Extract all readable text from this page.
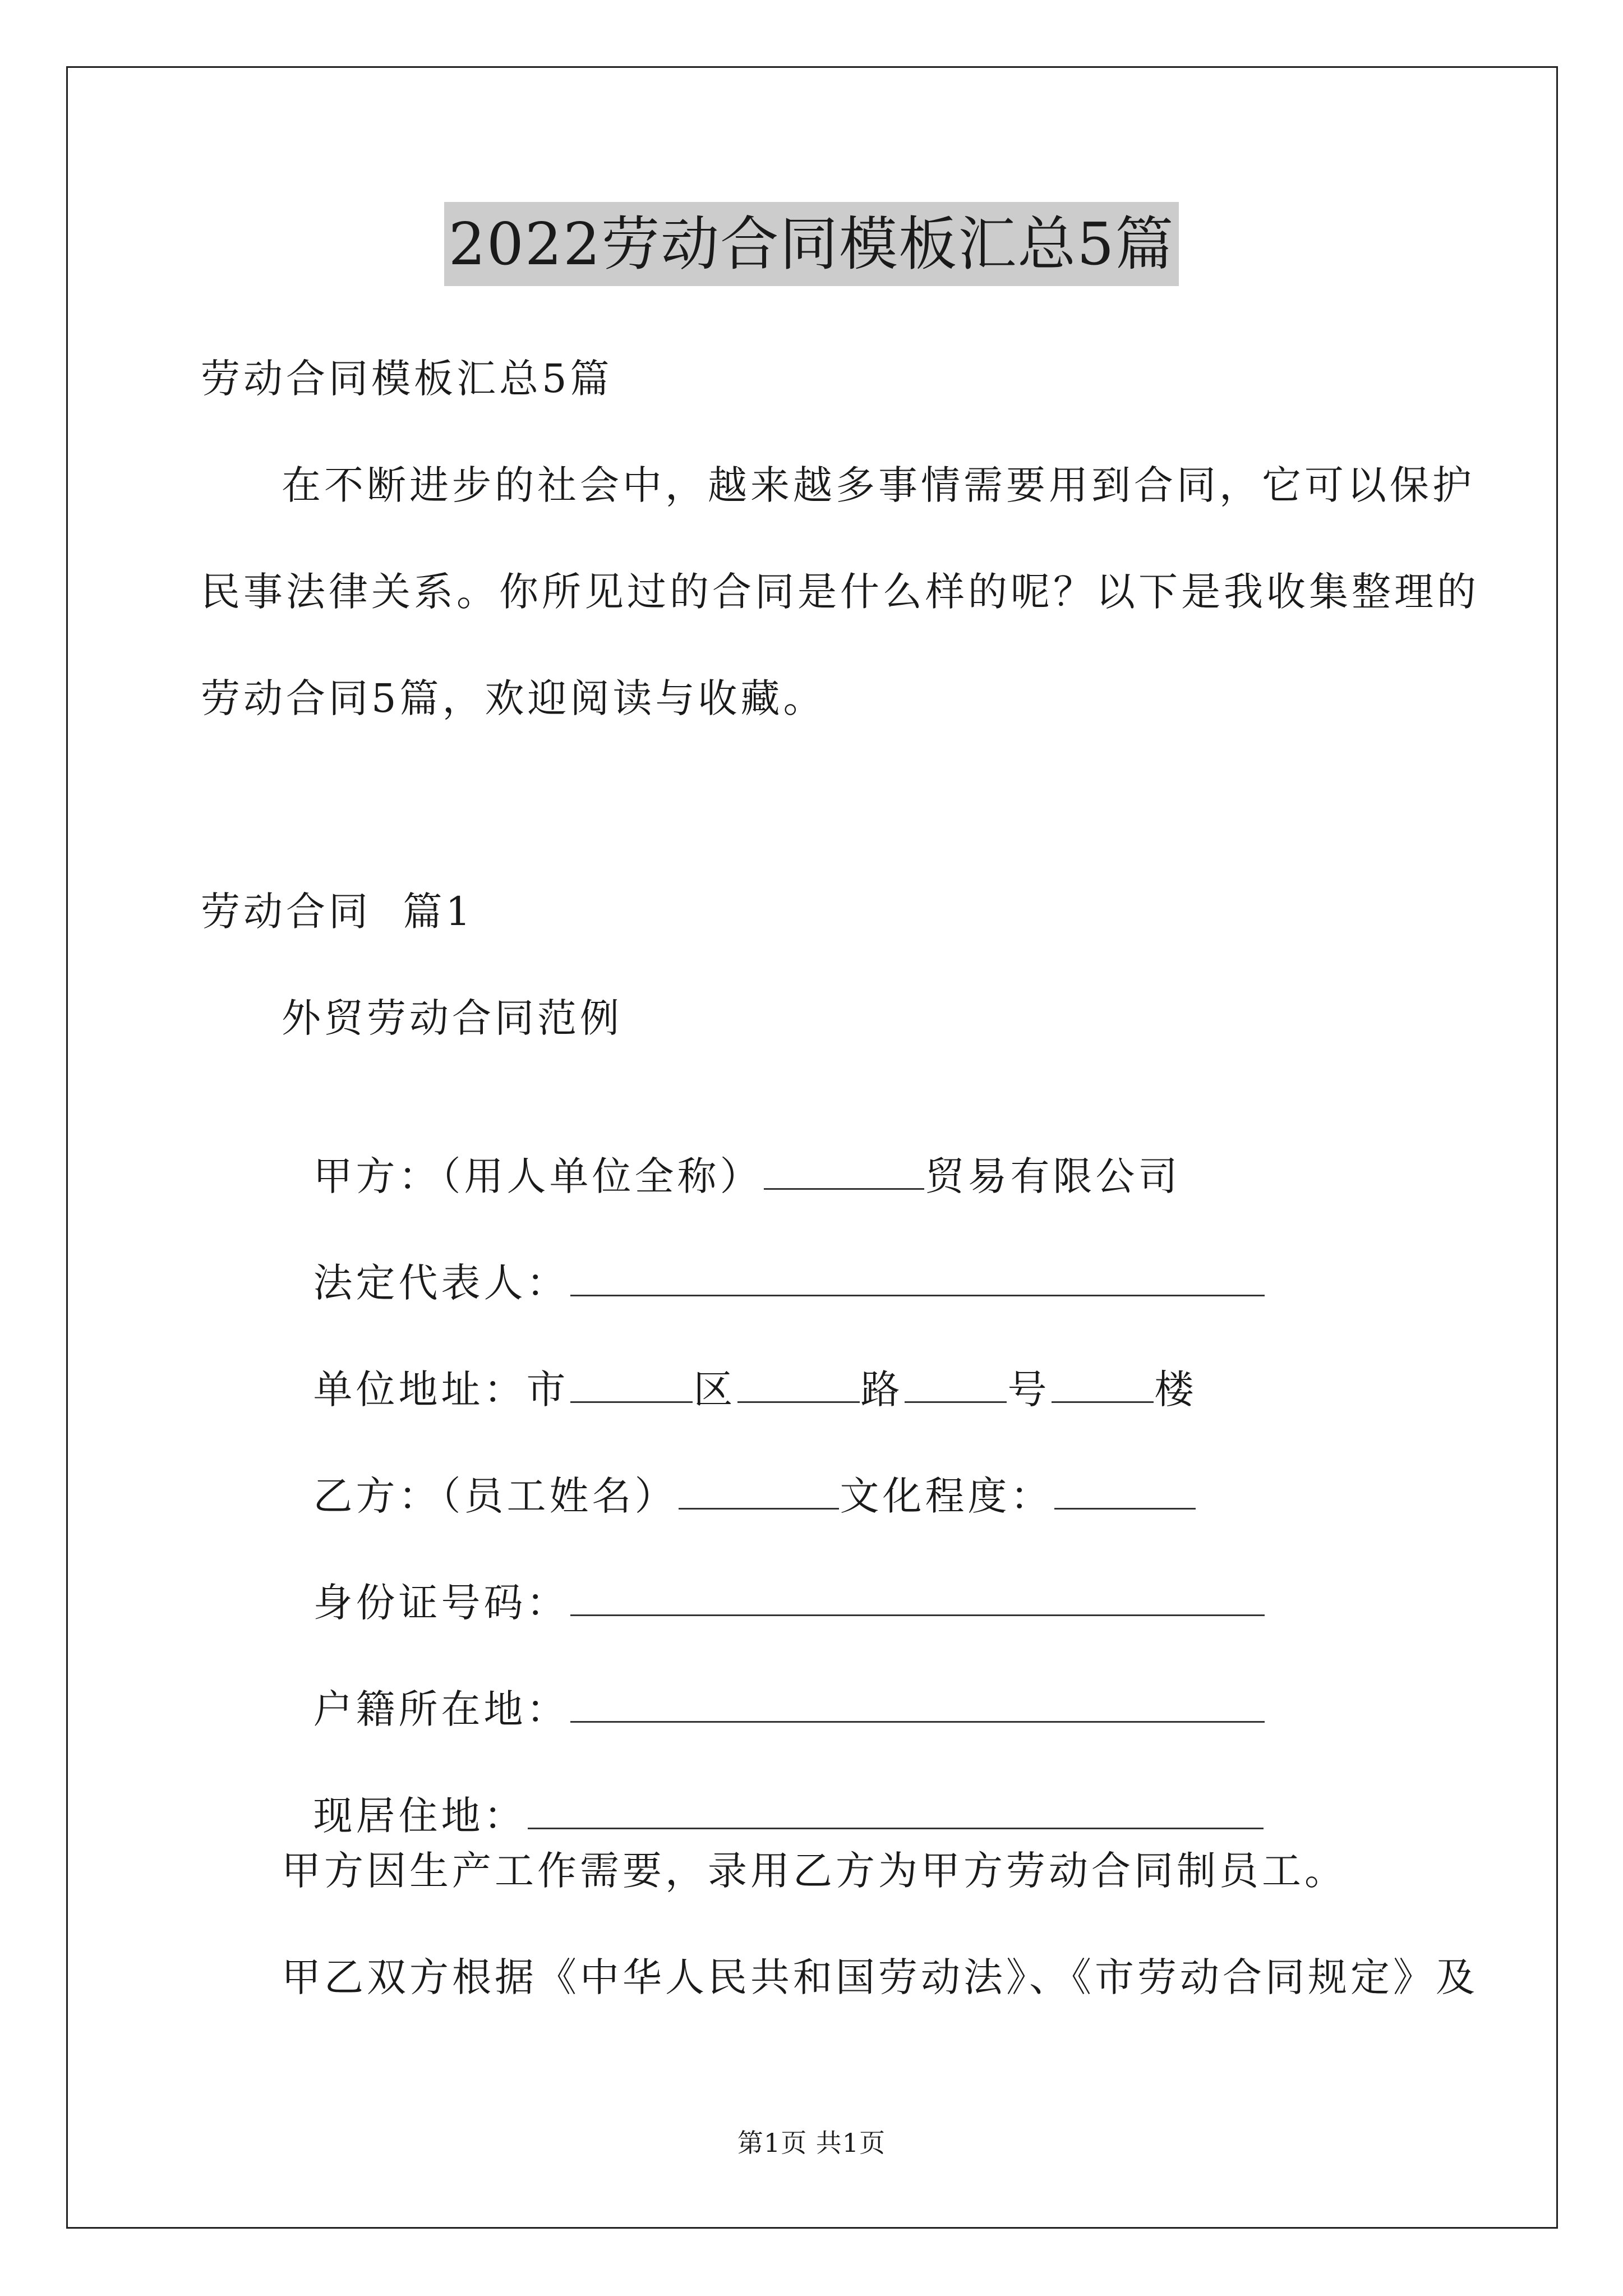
2022劳动合同模板汇总5篇
劳动合同模板汇总5篇
在不断进步的社会中，越来越多事情需要用到合同，它可以保护
民事法律关系。你所见过的合同是什么样的呢？以下是我收集整理的
劳动合同5篇，欢迎阅读与收藏。
劳动合同  篇1
外贸劳动合同范例

甲方：（用人单位全称）	贸易有限公司

法定代表人：

单位地址：市	区	路	号	楼

乙方：（员工姓名）	文化程度：

身份证号码：

户籍所在地：

现居住地：

甲方因生产工作需要，录用乙方为甲方劳动合同制员工。
甲乙双方根据《中华人民共和国劳动法》、《市劳动合同规定》及
第1页 共1页
